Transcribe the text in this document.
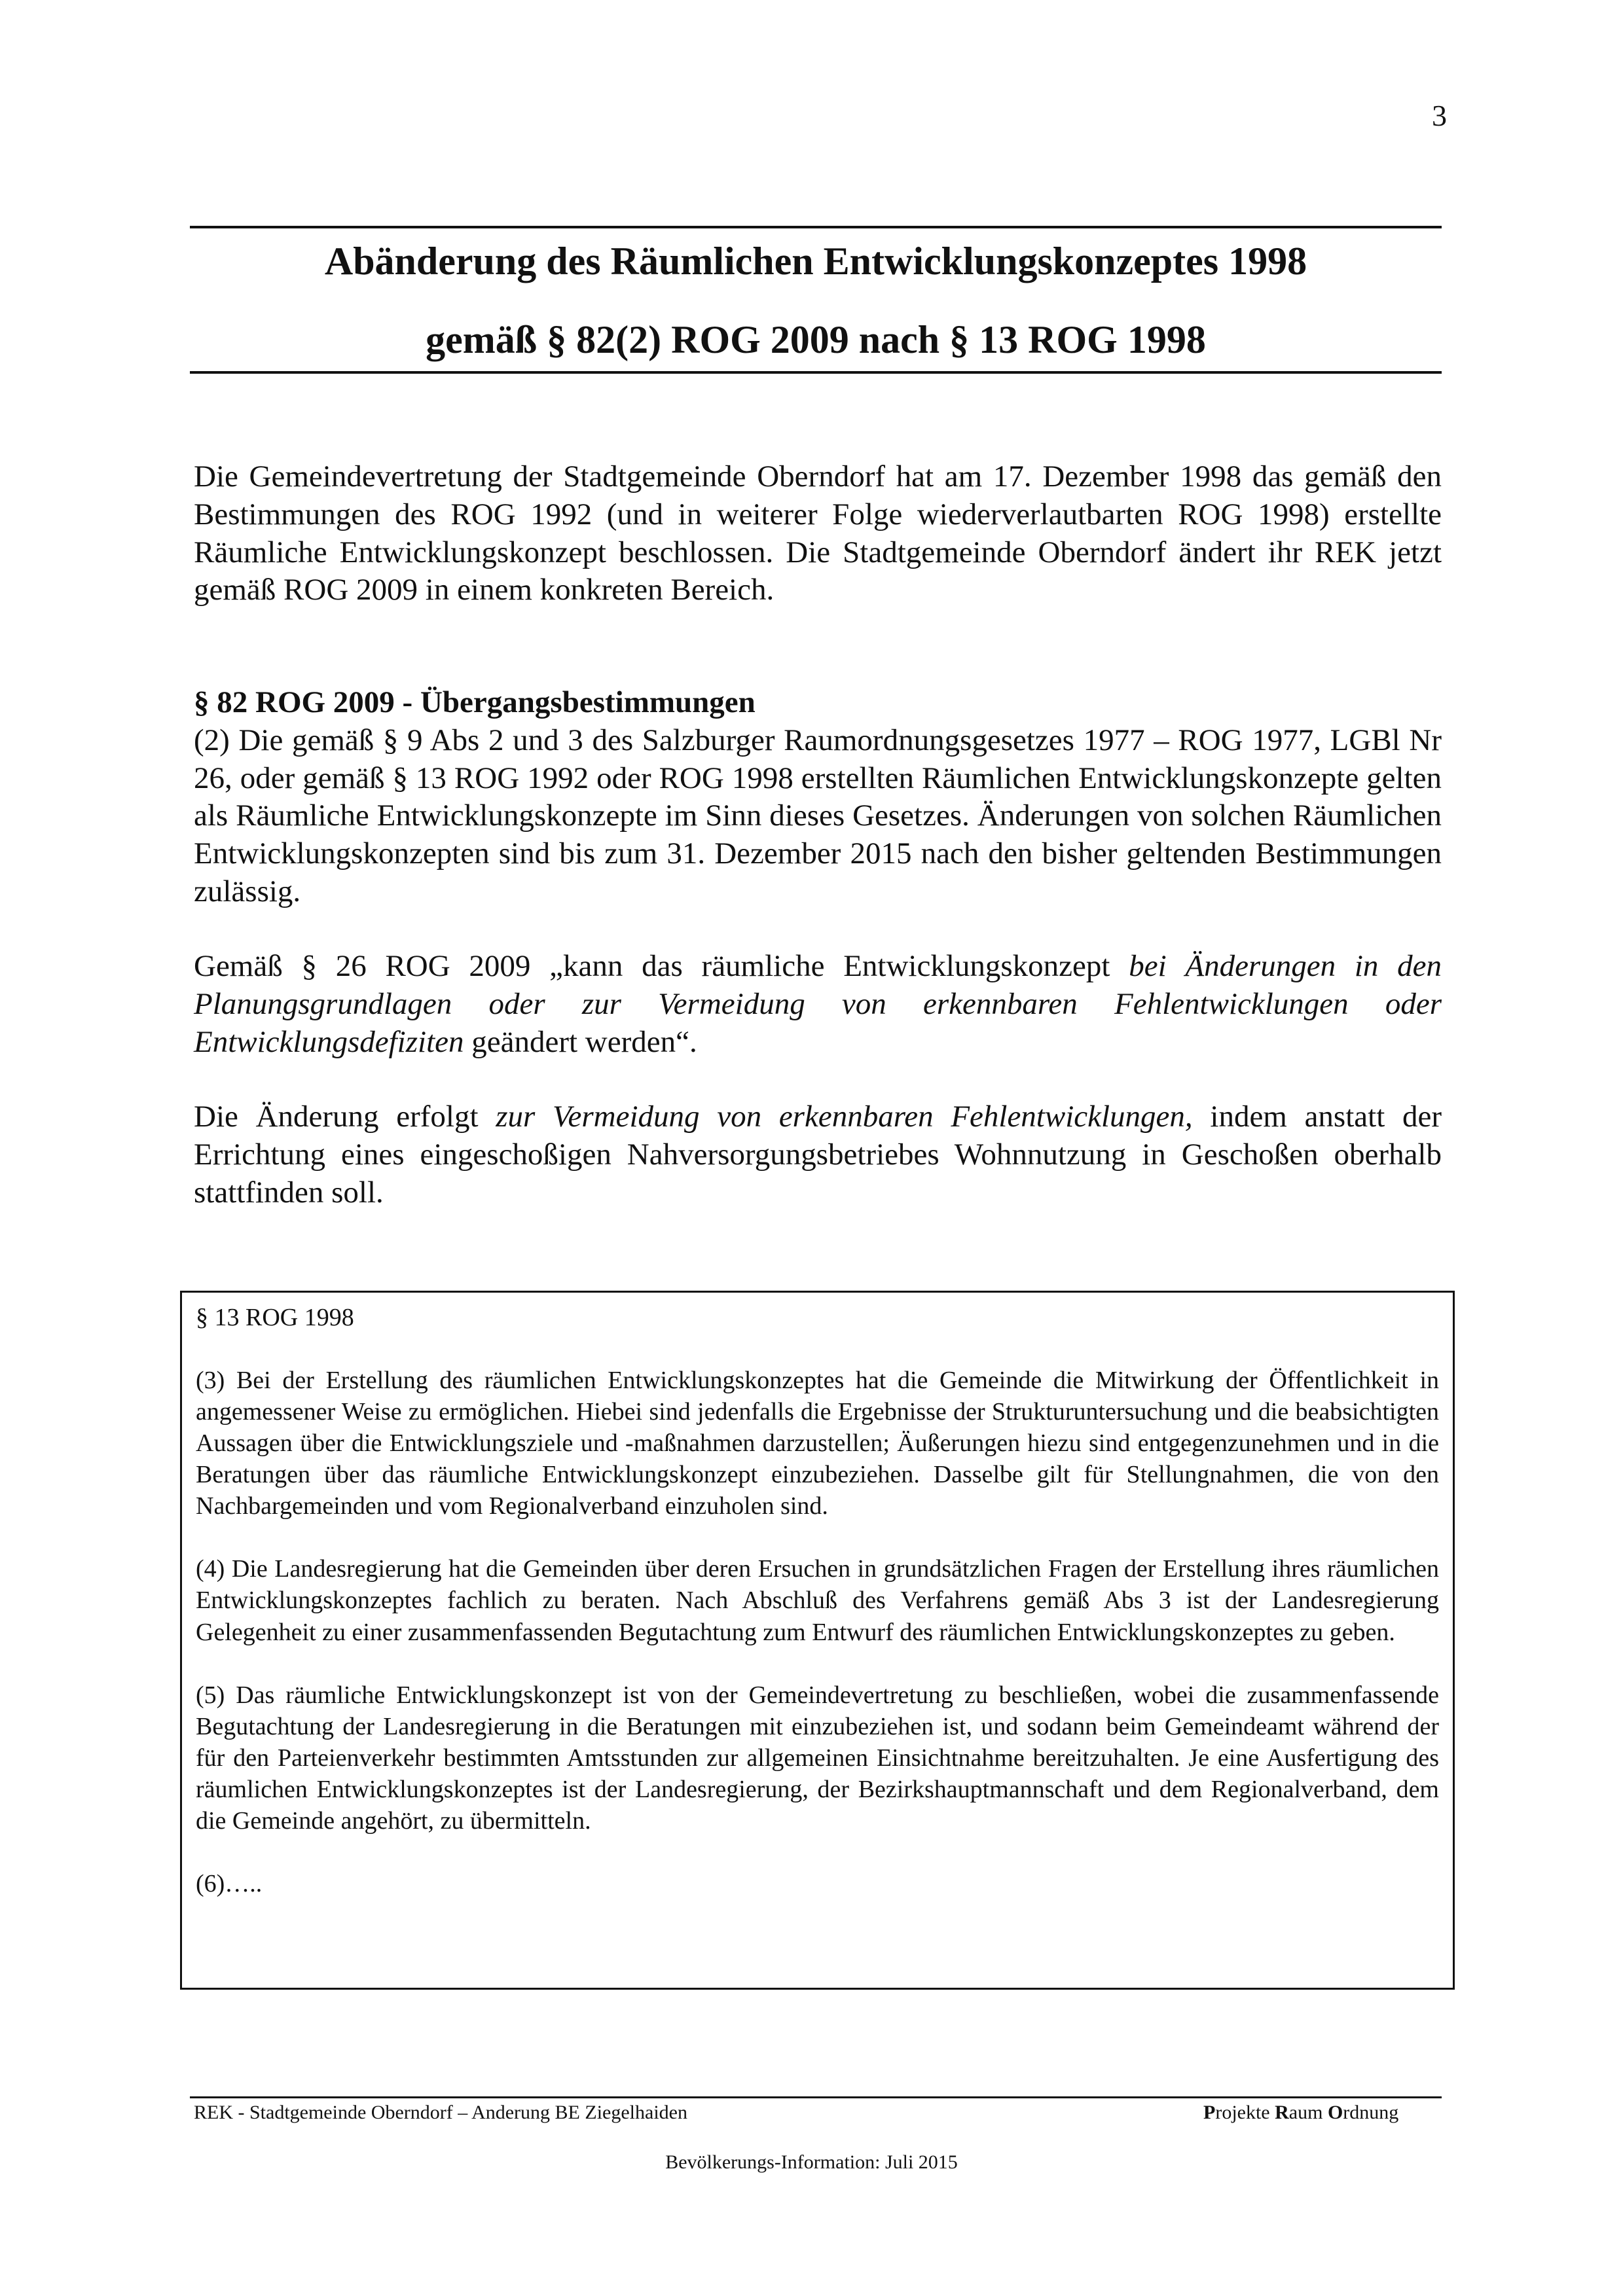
3
Abänderung des Räumlichen Entwicklungskonzeptes 1998
gemäß § 82(2) ROG 2009 nach § 13 ROG 1998

Die Gemeindevertretung der Stadtgemeinde Oberndorf hat am 17. Dezember 1998 das gemäß den Bestimmungen des ROG 1992 (und in weiterer Folge wiederverlautbarten ROG 1998) erstellte Räumliche Entwicklungskonzept beschlossen. Die Stadtgemeinde Oberndorf ändert ihr REK jetzt gemäß ROG 2009 in einem konkreten Bereich.

§ 82 ROG 2009 - Übergangsbestimmungen
(2) Die gemäß § 9 Abs 2 und 3 des Salzburger Raumordnungsgesetzes 1977 – ROG 1977, LGBl Nr 26, oder gemäß § 13 ROG 1992 oder ROG 1998 erstellten Räumlichen Entwicklungskonzepte gelten als Räumliche Entwicklungskonzepte im Sinn dieses Gesetzes. Änderungen von solchen Räumlichen Entwicklungskonzepten sind bis zum 31. Dezember 2015 nach den bisher geltenden Bestimmungen zulässig.

Gemäß § 26 ROG 2009 „kann das räumliche Entwicklungskonzept bei Änderungen in den Planungsgrundlagen oder zur Vermeidung von erkennbaren Fehlentwicklungen oder Entwicklungsdefiziten geändert werden“.

Die Änderung erfolgt zur Vermeidung von erkennbaren Fehlentwicklungen, indem anstatt der Errichtung eines eingeschoßigen Nahversorgungsbetriebes Wohnnutzung in Geschoßen oberhalb stattfinden soll.

§ 13 ROG 1998

(3) Bei der Erstellung des räumlichen Entwicklungskonzeptes hat die Gemeinde die Mitwirkung der Öffentlichkeit in angemessener Weise zu ermöglichen. Hiebei sind jedenfalls die Ergebnisse der Strukturuntersuchung und die beabsichtigten Aussagen über die Entwicklungsziele und -maßnahmen darzustellen; Äußerungen hiezu sind entgegenzunehmen und in die Beratungen über das räumliche Entwicklungskonzept einzubeziehen. Dasselbe gilt für Stellungnahmen, die von den Nachbargemeinden und vom Regionalverband einzuholen sind.

(4) Die Landesregierung hat die Gemeinden über deren Ersuchen in grundsätzlichen Fragen der Erstellung ihres räumlichen Entwicklungskonzeptes fachlich zu beraten. Nach Abschluß des Verfahrens gemäß Abs 3 ist der Landesregierung Gelegenheit zu einer zusammenfassenden Begutachtung zum Entwurf des räumlichen Entwicklungskonzeptes zu geben.

(5) Das räumliche Entwicklungskonzept ist von der Gemeindevertretung zu beschließen, wobei die zusammenfassende Begutachtung der Landesregierung in die Beratungen mit einzubeziehen ist, und sodann beim Gemeindeamt während der für den Parteienverkehr bestimmten Amtsstunden zur allgemeinen Einsichtnahme bereitzuhalten. Je eine Ausfertigung des räumlichen Entwicklungskonzeptes ist der Landesregierung, der Bezirkshauptmannschaft und dem Regionalverband, dem die Gemeinde angehört, zu übermitteln.

(6)…..

REK - Stadtgemeinde Oberndorf – Anderung BE Ziegelhaiden	Projekte Raum Ordnung
Bevölkerungs-Information: Juli 2015
